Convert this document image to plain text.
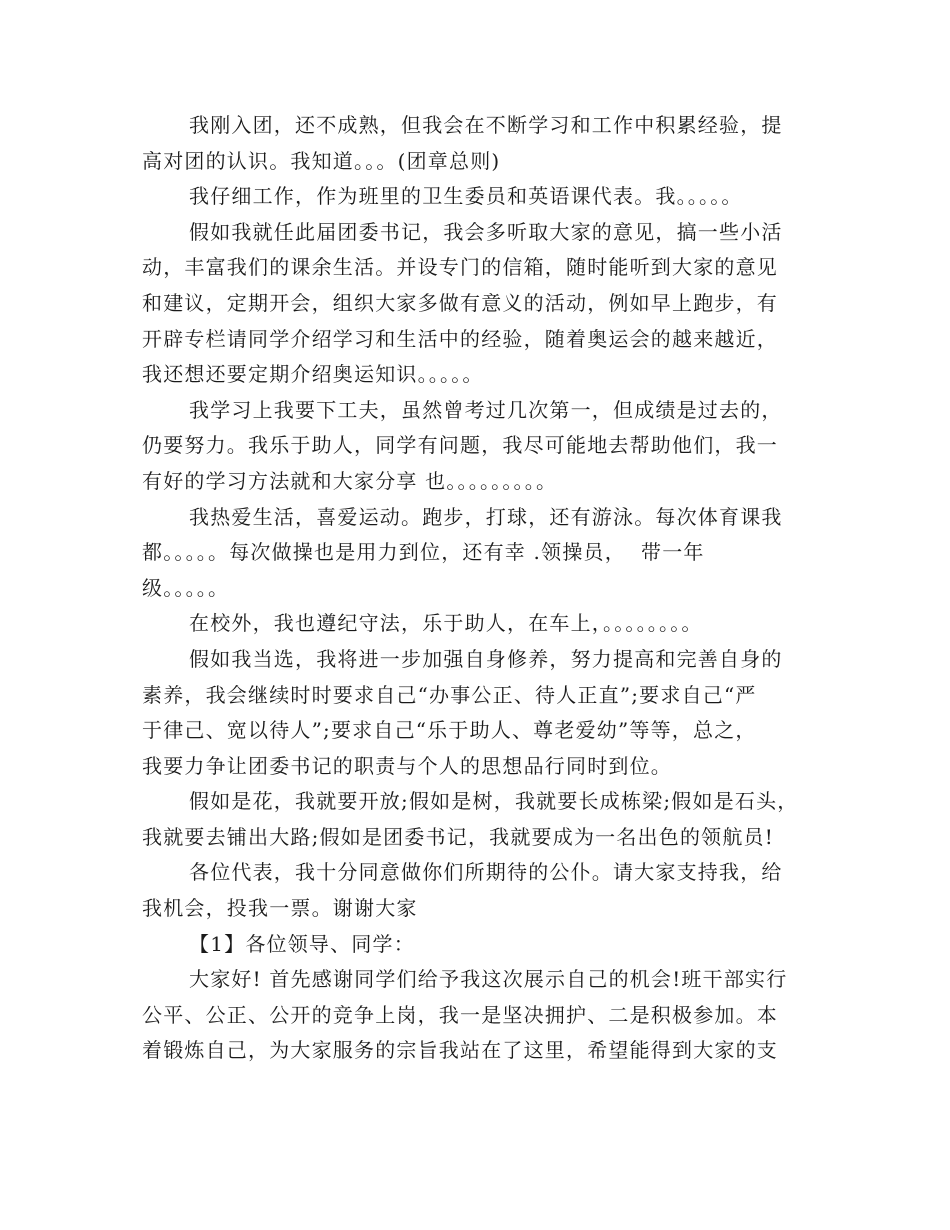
我刚入团，还不成熟，但我会在不断学习和工作中积累经验，提
高对团的认识。我知道。。。(团章总则)
我仔细工作，作为班里的卫生委员和英语课代表。我。。。。。
假如我就任此届团委书记，我会多听取大家的意见，搞一些小活
动，丰富我们的课余生活。并设专门的信箱，随时能听到大家的意见
和建议，定期开会，组织大家多做有意义的活动，例如早上跑步，有
开辟专栏请同学介绍学习和生活中的经验，随着奥运会的越来越近，
我还想还要定期介绍奥运知识。。。。。
我学习上我要下工夫，虽然曾考过几次第一，但成绩是过去的，
仍要努力。我乐于助人，同学有问题，我尽可能地去帮助他们，我一
有好的学习方法就和大家分享 也。。。。。。。。。
我热爱生活，喜爱运动。跑步，打球，还有游泳。每次体育课我
都。。。。。每次做操也是用力到位，还有幸 .领操员，  带一年
级。。。。。
在校外，我也遵纪守法，乐于助人，在车上，。。。。。。。。
假如我当选，我将进一步加强自身修养，努力提高和完善自身的
素养，我会继续时时要求自己“办事公正、待人正直”;要求自己“严
于律己、宽以待人”;要求自己“乐于助人、尊老爱幼”等等，总之，
我要力争让团委书记的职责与个人的思想品行同时到位。
假如是花，我就要开放;假如是树，我就要长成栋梁;假如是石头，
我就要去铺出大路;假如是团委书记，我就要成为一名出色的领航员!
各位代表，我十分同意做你们所期待的公仆。请大家支持我，给
我机会，投我一票。谢谢大家
【1】各位领导、同学：
大家好! 首先感谢同学们给予我这次展示自己的机会!班干部实行
公平、公正、公开的竞争上岗，我一是坚决拥护、二是积极参加。本
着锻炼自己，为大家服务的宗旨我站在了这里，希望能得到大家的支
